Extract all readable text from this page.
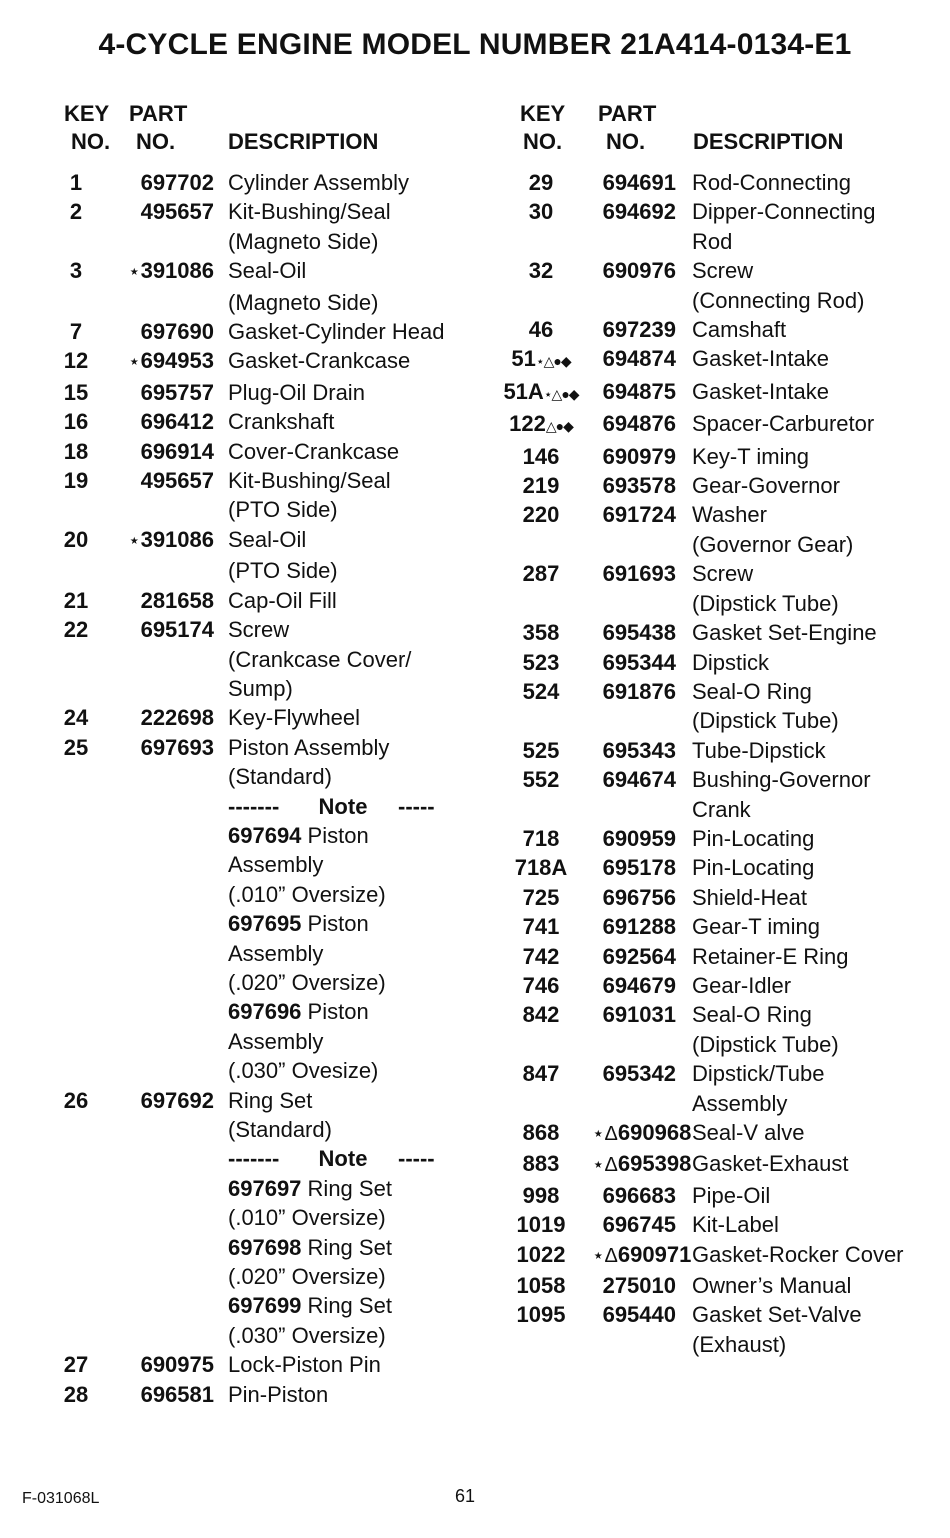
4-CYCLE ENGINE MODEL NUMBER 21A414-0134-E1
KEY
NO.
PART
NO. DESCRIPTION
1	697702 Cylinder Assembly
2	495657 Kit-Bushing/Seal
(Magneto Side)
3	⋆391086 Seal-Oil
(Magneto Side)
7	697690 Gasket-Cylinder Head
12	⋆694953 Gasket-Crankcase
15	695757 Plug-Oil Drain
16	696412 Crankshaft
18	696914 Cover-Crankcase
19	495657 Kit-Bushing/Seal
(PTO Side)
20	⋆391086 Seal-Oil
(PTO Side)
21	281658 Cap-Oil Fill
22	695174 Screw
(Crankcase Cover/
Sump)
24	222698 Key-Flywheel
25	697693 Piston Assembly
(Standard)
-------	Note	-----
697694 Piston
Assembly
(.010” Oversize)
697695 Piston
Assembly
(.020” Oversize)
697696 Piston
Assembly
(.030” Ovesize)
26	697692 Ring Set
(Standard)
-------	Note	-----
697697 Ring Set
(.010” Oversize)
697698 Ring Set
(.020” Oversize)
697699 Ring Set
(.030” Oversize)
27	690975 Lock-Piston Pin
28	696581 Pin-Piston
KEY
NO.
PART
NO. DESCRIPTION
29	694691 Rod-Connecting
30	694692 Dipper-Connecting
Rod
32	690976 Screw
(Connecting Rod)
46	697239 Camshaft
51⋆△●◆	694874 Gasket-Intake
51A⋆△●◆	694875 Gasket-Intake
122△●◆	694876 Spacer-Carburetor
146	690979 Key-T iming
219	693578 Gear-Governor
220	691724 Washer
(Governor Gear)
287	691693 Screw
(Dipstick Tube)
358	695438 Gasket Set-Engine
523	695344 Dipstick
524	691876 Seal-O Ring
(Dipstick Tube)
525	695343 Tube-Dipstick
552	694674 Bushing-Governor
Crank
718	690959 Pin-Locating
718A	695178 Pin-Locating
725	696756 Shield-Heat
741	691288 Gear-T iming
742	692564 Retainer-E Ring
746	694679 Gear-Idler
842	691031 Seal-O Ring
(Dipstick Tube)
847	695342 Dipstick/Tube
Assembly
868	⋆Δ690968 Seal-V alve
883	⋆Δ695398 Gasket-Exhaust
998	696683 Pipe-Oil
1019	696745 Kit-Label
1022	⋆Δ690971 Gasket-Rocker Cover
1058	275010 Owner’s Manual
1095	695440 Gasket Set-Valve
(Exhaust)
F-031068L	61
